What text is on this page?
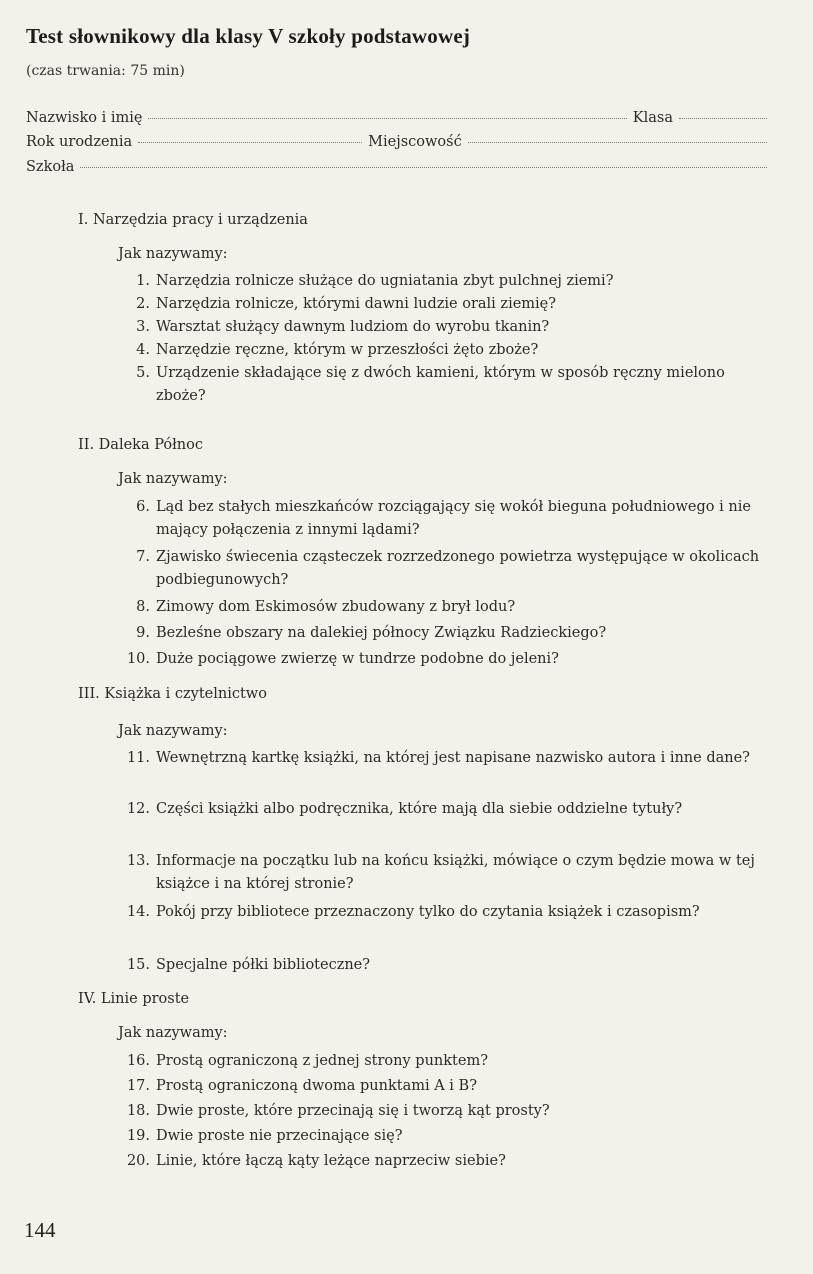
Test słownikowy dla klasy V szkoły podstawowej
(czas trwania: 75 min)
Nazwisko i imię	Klasa
Rok urodzenia	Miejscowość
Szkoła
I. Narzędzia pracy i urządzenia
Jak nazywamy:
1. Narzędzia rolnicze służące do ugniatania zbyt pulchnej ziemi?
2. Narzędzia rolnicze, którymi dawni ludzie orali ziemię?
3. Warsztat służący dawnym ludziom do wyrobu tkanin?
4. Narzędzie ręczne, którym w przeszłości żęto zboże?
5. Urządzenie składające się z dwóch kamieni, którym w sposób ręczny mielono zboże?
II. Daleka Północ
Jak nazywamy:
6. Ląd bez stałych mieszkańców rozciągający się wokół bieguna południowego i nie mający połączenia z innymi lądami?
7. Zjawisko świecenia cząsteczek rozrzedzonego powietrza występujące w okolicach podbiegunowych?
8. Zimowy dom Eskimosów zbudowany z brył lodu?
9. Bezleśne obszary na dalekiej północy Związku Radzieckiego?
10. Duże pociągowe zwierzę w tundrze podobne do jeleni?
III. Książka i czytelnictwo
Jak nazywamy:
11. Wewnętrzną kartkę książki, na której jest napisane nazwisko autora i inne dane?
12. Części książki albo podręcznika, które mają dla siebie oddzielne tytuły?
13. Informacje na początku lub na końcu książki, mówiące o czym będzie mowa w tej książce i na której stronie?
14. Pokój przy bibliotece przeznaczony tylko do czytania książek i czasopism?
15. Specjalne półki biblioteczne?
IV. Linie proste
Jak nazywamy:
16. Prostą ograniczoną z jednej strony punktem?
17. Prostą ograniczoną dwoma punktami A i B?
18. Dwie proste, które przecinają się i tworzą kąt prosty?
19. Dwie proste nie przecinające się?
20. Linie, które łączą kąty leżące naprzeciw siebie?
144
